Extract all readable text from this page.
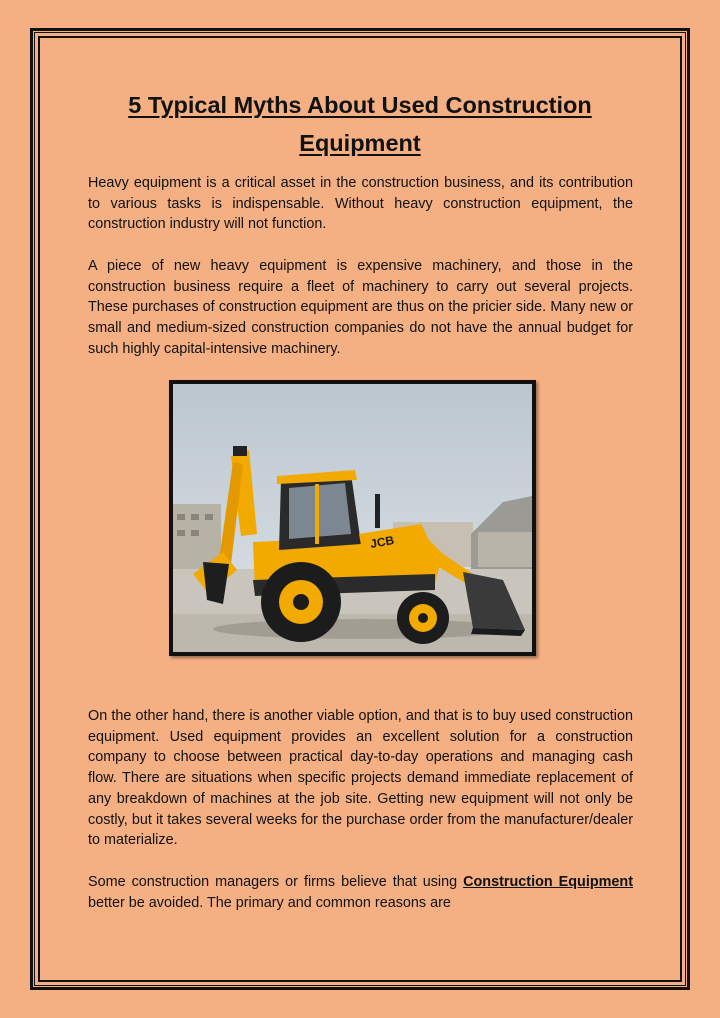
5 Typical Myths About Used Construction
Equipment
Heavy equipment is a critical asset in the construction business, and its contribution to various tasks is indispensable. Without heavy construction equipment, the construction industry will not function.
A piece of new heavy equipment is expensive machinery, and those in the construction business require a fleet of machinery to carry out several projects. These purchases of construction equipment are thus on the pricier side. Many new or small and medium-sized construction companies do not have the annual budget for such highly capital-intensive machinery.
JCB
On the other hand, there is another viable option, and that is to buy used construction equipment. Used equipment provides an excellent solution for a construction company to choose between practical day-to-day operations and managing cash flow. There are situations when specific projects demand immediate replacement of any breakdown of machines at the job site. Getting new equipment will not only be costly, but it takes several weeks for the purchase order from the manufacturer/dealer to materialize.
Some construction managers or firms believe that using Construction Equipment better be avoided. The primary and common reasons are
